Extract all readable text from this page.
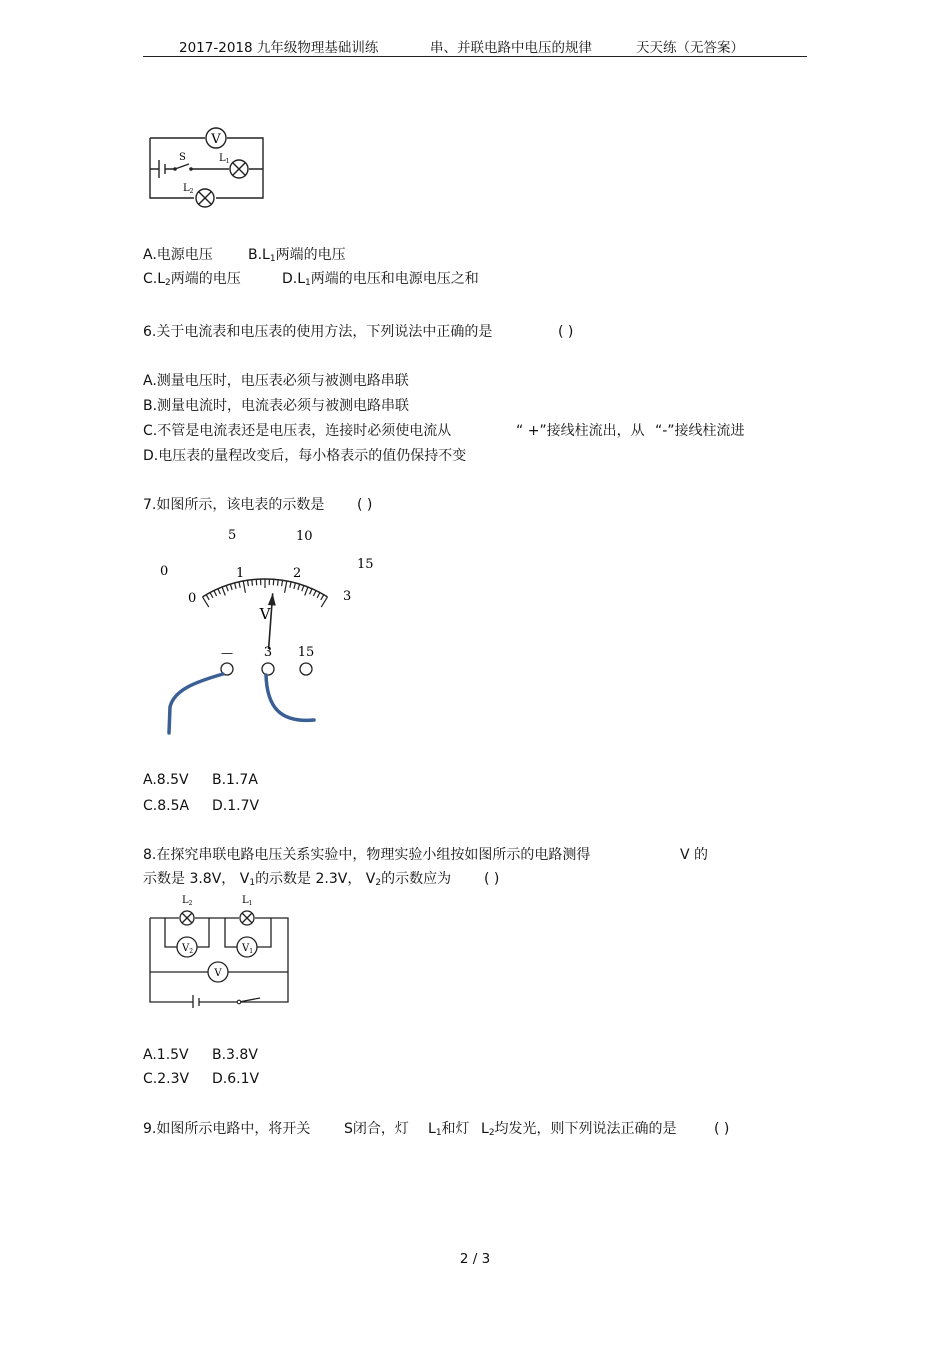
2017-2018 九年级物理基础训练	串、并联电路中电压的规律	天天练（无答案）
V
S	$L_1$
$L_2$
A.电源电压	$B.L_1$两端的电压
$C.L_2$两端的电压	$D.L_1$两端的电压和电源电压之和
6.关于电流表和电压表的使用方法，下列说法中正确的是	( )
A.测量电压时，电压表必须与被测电路串联
B.测量电流时，电流表必须与被测电路串联
C.不管是电流表还是电压表，连接时必须使电流从	“ +”接线柱流出，从 “-”接线柱流进
D.电压表的量程改变后，每小格表示的值仍保持不变
7.如图所示，该电表的示数是 ( )
0
5	10
15
0
1	2
3
V
— 3 15
A.8.5V B.1.7A
C.8.5A D.1.7V
8.在探究串联电路电压关系实验中，物理实验小组按如图所示的电路测得	V 的
示数是 3.8V， $V_1$的示数是 2.3V， $V_2$的示数应为 ( )
$L_2$	$L_1$
$V_2$	$V_1$
V
A.1.5V B.3.8V
C.2.3V D.6.1V
9.如图所示电路中，将开关 S闭合，灯 $L_1$和灯 $L_2$均发光，则下列说法正确的是	( )
2 / 3
